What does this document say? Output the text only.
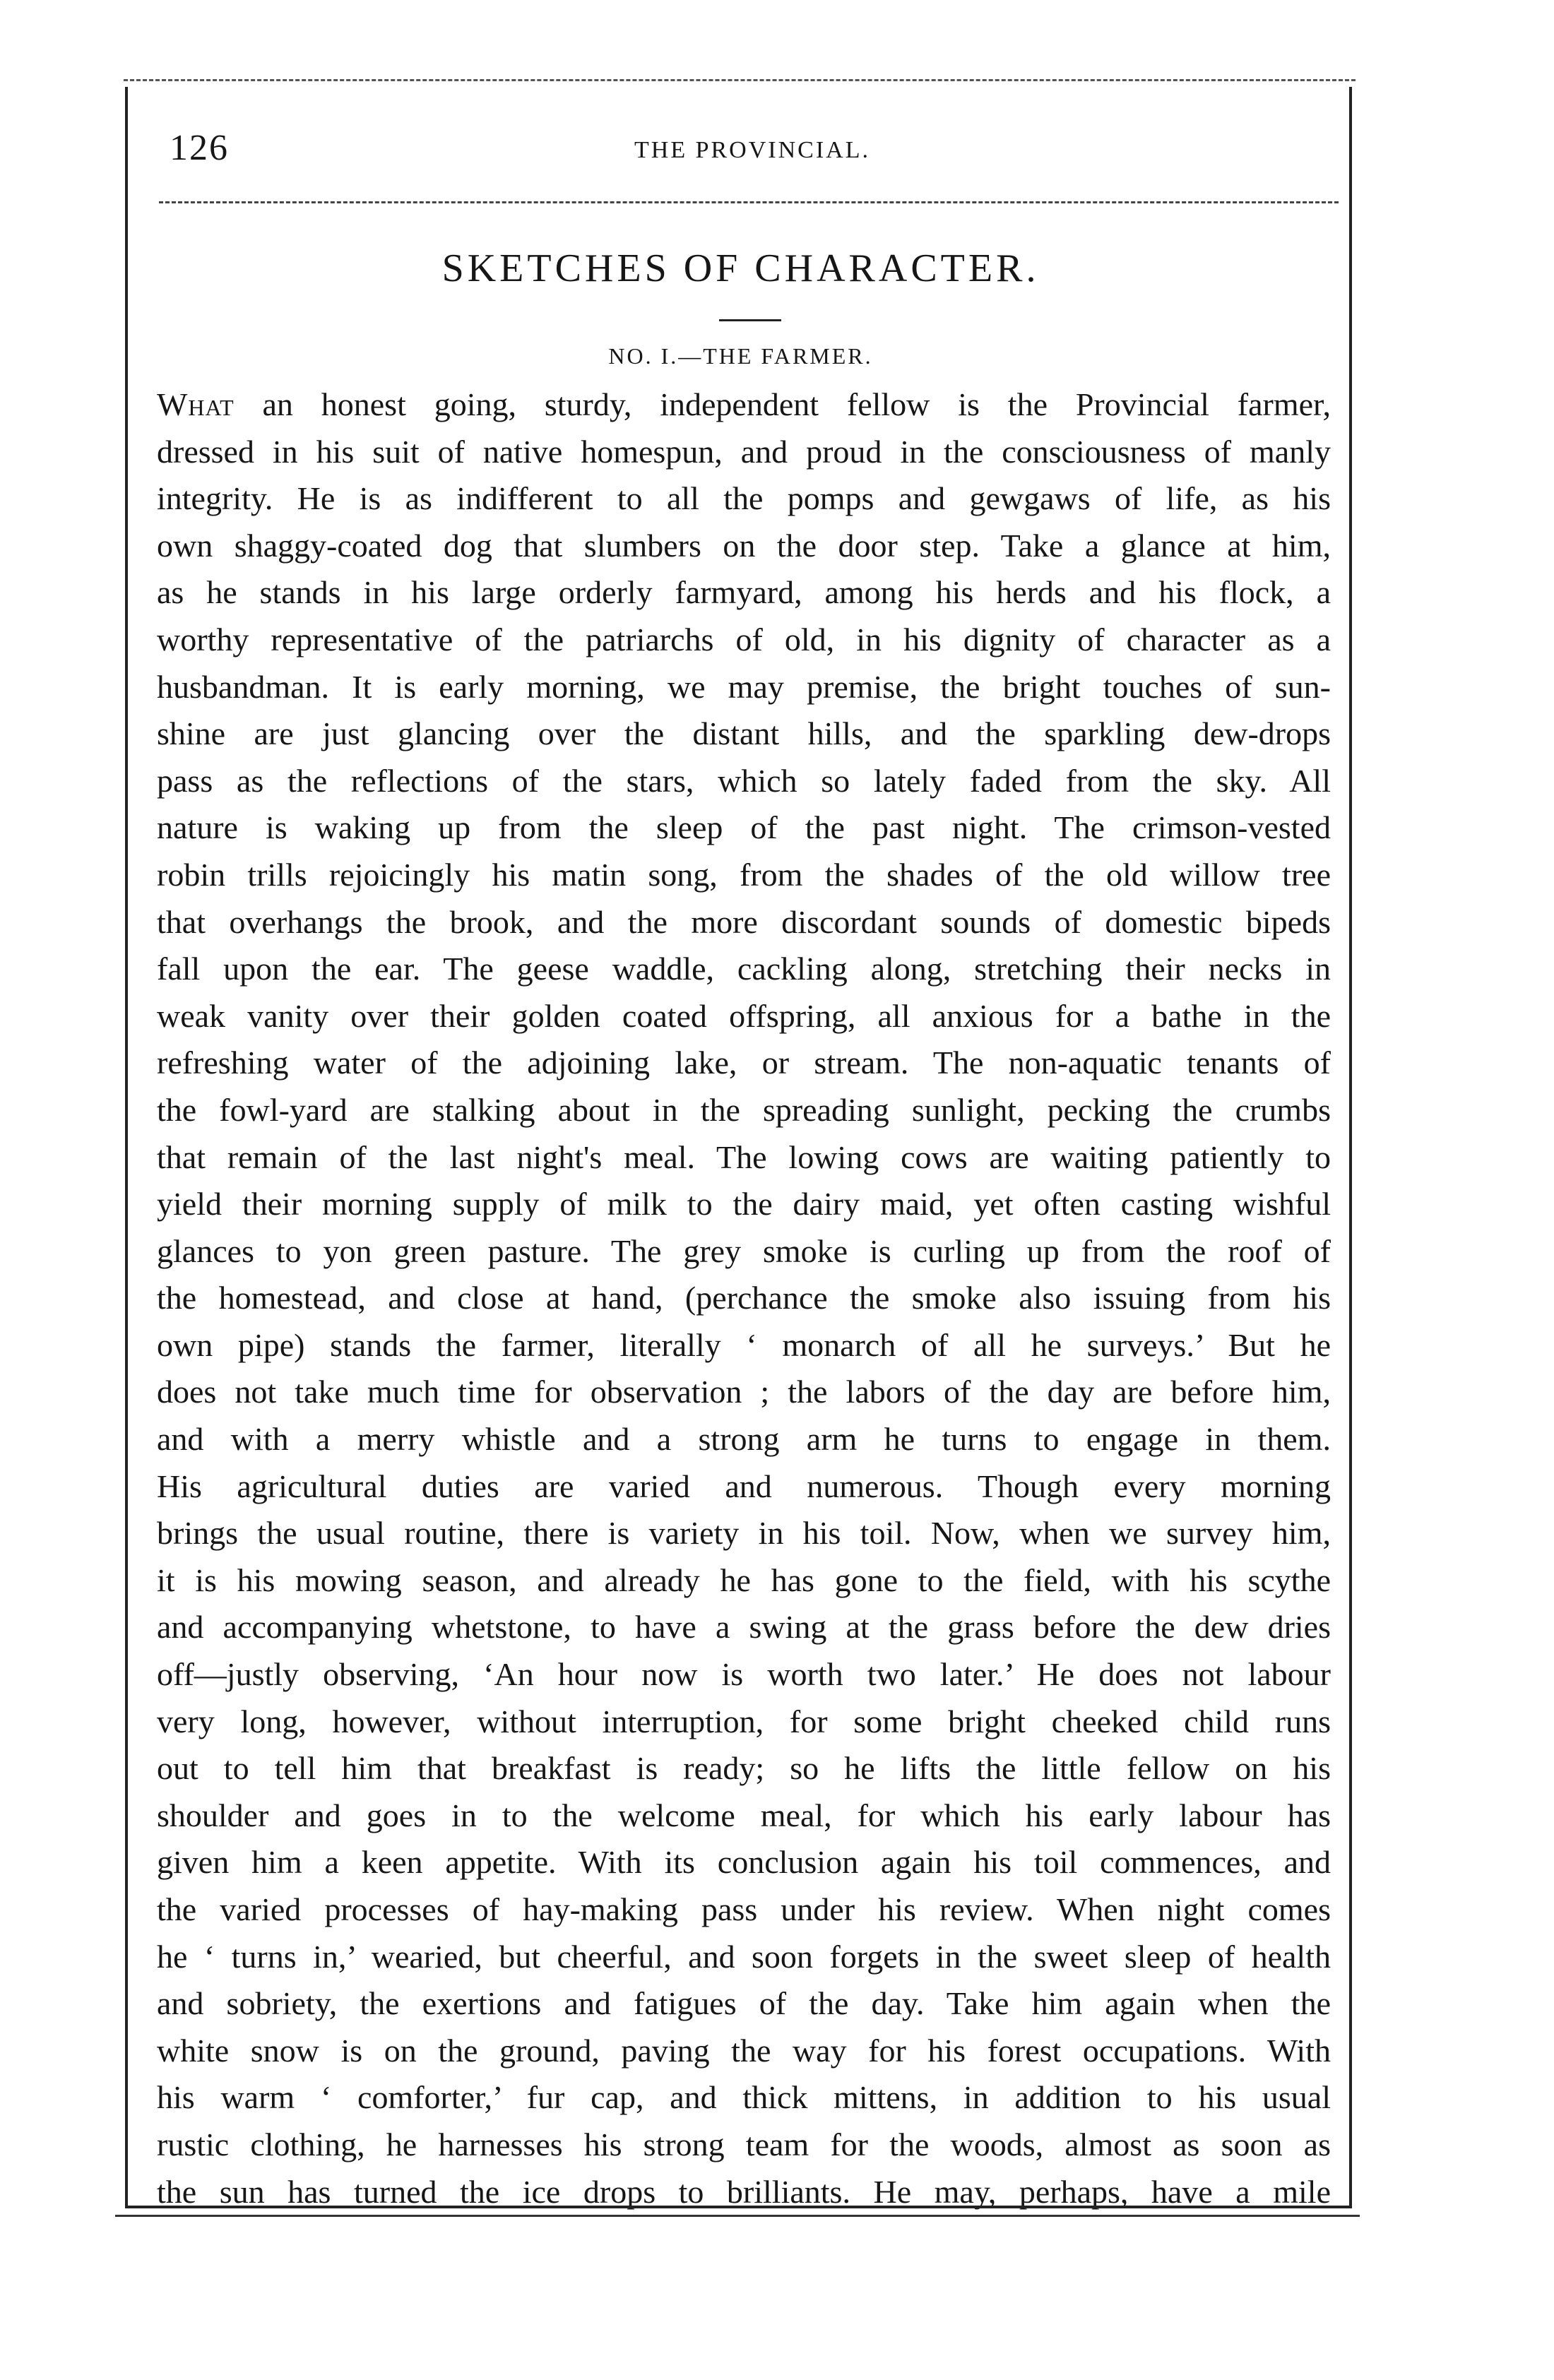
126	THE PROVINCIAL.
SKETCHES OF CHARACTER.
NO. I.—THE FARMER.
What an honest going, sturdy, independent fellow is the Provincial farmer,
dressed in his suit of native homespun, and proud in the consciousness of manly
integrity. He is as indifferent to all the pomps and gewgaws of life, as his
own shaggy-coated dog that slumbers on the door step. Take a glance at him,
as he stands in his large orderly farmyard, among his herds and his flock, a
worthy representative of the patriarchs of old, in his dignity of character as a
husbandman. It is early morning, we may premise, the bright touches of sun-
shine are just glancing over the distant hills, and the sparkling dew-drops
pass as the reflections of the stars, which so lately faded from the sky. All
nature is waking up from the sleep of the past night. The crimson-vested
robin trills rejoicingly his matin song, from the shades of the old willow tree
that overhangs the brook, and the more discordant sounds of domestic bipeds
fall upon the ear. The geese waddle, cackling along, stretching their necks in
weak vanity over their golden coated offspring, all anxious for a bathe in the
refreshing water of the adjoining lake, or stream. The non-aquatic tenants of
the fowl-yard are stalking about in the spreading sunlight, pecking the crumbs
that remain of the last night's meal. The lowing cows are waiting patiently to
yield their morning supply of milk to the dairy maid, yet often casting wishful
glances to yon green pasture. The grey smoke is curling up from the roof of
the homestead, and close at hand, (perchance the smoke also issuing from his
own pipe) stands the farmer, literally ‘ monarch of all he surveys.’ But he
does not take much time for observation ; the labors of the day are before him,
and with a merry whistle and a strong arm he turns to engage in them.
His agricultural duties are varied and numerous. Though every morning
brings the usual routine, there is variety in his toil. Now, when we survey him,
it is his mowing season, and already he has gone to the field, with his scythe
and accompanying whetstone, to have a swing at the grass before the dew dries
off—justly observing, ‘An hour now is worth two later.’ He does not labour
very long, however, without interruption, for some bright cheeked child runs
out to tell him that breakfast is ready; so he lifts the little fellow on his
shoulder and goes in to the welcome meal, for which his early labour has
given him a keen appetite. With its conclusion again his toil commences, and
the varied processes of hay-making pass under his review. When night comes
he ‘ turns in,’ wearied, but cheerful, and soon forgets in the sweet sleep of health
and sobriety, the exertions and fatigues of the day. Take him again when the
white snow is on the ground, paving the way for his forest occupations. With
his warm ‘ comforter,’ fur cap, and thick mittens, in addition to his usual
rustic clothing, he harnesses his strong team for the woods, almost as soon as
the sun has turned the ice drops to brilliants. He may, perhaps, have a mile
